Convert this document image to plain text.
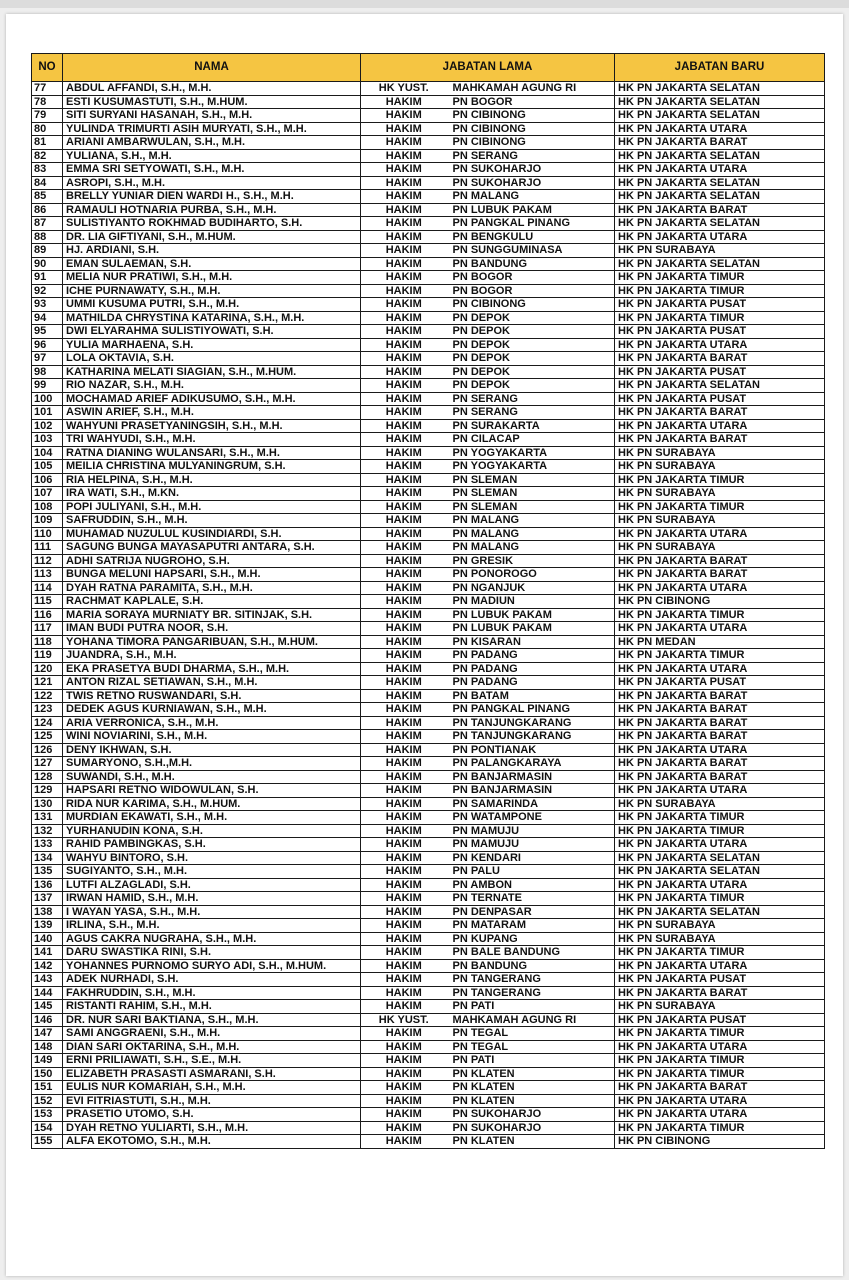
NO	NAMA	JABATAN LAMA		JABATAN BARU
77	ABDUL AFFANDI, S.H., M.H.	HK YUST.	MAHKAMAH AGUNG RI	HK PN JAKARTA SELATAN
78	ESTI KUSUMASTUTI, S.H., M.HUM.	HAKIM	PN BOGOR	HK PN JAKARTA SELATAN
79	SITI SURYANI HASANAH, S.H., M.H.	HAKIM	PN CIBINONG	HK PN JAKARTA SELATAN
80	YULINDA TRIMURTI ASIH MURYATI, S.H., M.H.	HAKIM	PN CIBINONG	HK PN JAKARTA UTARA
81	ARIANI AMBARWULAN, S.H., M.H.	HAKIM	PN CIBINONG	HK PN JAKARTA BARAT
82	YULIANA, S.H., M.H.	HAKIM	PN SERANG	HK PN JAKARTA SELATAN
83	EMMA SRI SETYOWATI, S.H., M.H.	HAKIM	PN SUKOHARJO	HK PN JAKARTA UTARA
84	ASROPI, S.H., M.H.	HAKIM	PN SUKOHARJO	HK PN JAKARTA SELATAN
85	BRELLY YUNIAR DIEN WARDI H., S.H., M.H.	HAKIM	PN MALANG	HK PN JAKARTA SELATAN
86	RAMAULI HOTNARIA PURBA, S.H., M.H.	HAKIM	PN LUBUK PAKAM	HK PN JAKARTA BARAT
87	SULISTIYANTO ROKHMAD BUDIHARTO, S.H.	HAKIM	PN PANGKAL PINANG	HK PN JAKARTA SELATAN
88	DR. LIA GIFTIYANI, S.H., M.HUM.	HAKIM	PN BENGKULU	HK PN JAKARTA UTARA
89	HJ. ARDIANI, S.H.	HAKIM	PN SUNGGUMINASA	HK PN SURABAYA
90	EMAN SULAEMAN, S.H.	HAKIM	PN BANDUNG	HK PN JAKARTA SELATAN
91	MELIA NUR PRATIWI, S.H., M.H.	HAKIM	PN BOGOR	HK PN JAKARTA TIMUR
92	ICHE PURNAWATY, S.H., M.H.	HAKIM	PN BOGOR	HK PN JAKARTA TIMUR
93	UMMI KUSUMA PUTRI, S.H., M.H.	HAKIM	PN CIBINONG	HK PN JAKARTA PUSAT
94	MATHILDA CHRYSTINA KATARINA, S.H., M.H.	HAKIM	PN DEPOK	HK PN JAKARTA TIMUR
95	DWI ELYARAHMA SULISTIYOWATI, S.H.	HAKIM	PN DEPOK	HK PN JAKARTA PUSAT
96	YULIA MARHAENA, S.H.	HAKIM	PN DEPOK	HK PN JAKARTA UTARA
97	LOLA OKTAVIA, S.H.	HAKIM	PN DEPOK	HK PN JAKARTA BARAT
98	KATHARINA MELATI SIAGIAN, S.H., M.HUM.	HAKIM	PN DEPOK	HK PN JAKARTA PUSAT
99	RIO NAZAR, S.H., M.H.	HAKIM	PN DEPOK	HK PN JAKARTA SELATAN
100	MOCHAMAD ARIEF ADIKUSUMO, S.H., M.H.	HAKIM	PN SERANG	HK PN JAKARTA PUSAT
101	ASWIN ARIEF, S.H., M.H.	HAKIM	PN SERANG	HK PN JAKARTA BARAT
102	WAHYUNI PRASETYANINGSIH, S.H., M.H.	HAKIM	PN SURAKARTA	HK PN JAKARTA UTARA
103	TRI WAHYUDI, S.H., M.H.	HAKIM	PN CILACAP	HK PN JAKARTA BARAT
104	RATNA DIANING WULANSARI, S.H., M.H.	HAKIM	PN YOGYAKARTA	HK PN SURABAYA
105	MEILIA CHRISTINA MULYANINGRUM, S.H.	HAKIM	PN YOGYAKARTA	HK PN SURABAYA
106	RIA HELPINA, S.H., M.H.	HAKIM	PN SLEMAN	HK PN JAKARTA TIMUR
107	IRA WATI, S.H., M.KN.	HAKIM	PN SLEMAN	HK PN SURABAYA
108	POPI JULIYANI, S.H., M.H.	HAKIM	PN SLEMAN	HK PN JAKARTA TIMUR
109	SAFRUDDIN, S.H., M.H.	HAKIM	PN MALANG	HK PN SURABAYA
110	MUHAMAD NUZULUL KUSINDIARDI, S.H.	HAKIM	PN MALANG	HK PN JAKARTA UTARA
111	SAGUNG BUNGA MAYASAPUTRI ANTARA, S.H.	HAKIM	PN MALANG	HK PN SURABAYA
112	ADHI SATRIJA NUGROHO, S.H.	HAKIM	PN GRESIK	HK PN JAKARTA BARAT
113	BUNGA MELUNI HAPSARI, S.H., M.H.	HAKIM	PN PONOROGO	HK PN JAKARTA BARAT
114	DYAH RATNA PARAMITA, S.H., M.H.	HAKIM	PN NGANJUK	HK PN JAKARTA UTARA
115	RACHMAT KAPLALE, S.H.	HAKIM	PN MADIUN	HK PN CIBINONG
116	MARIA SORAYA MURNIATY BR. SITINJAK, S.H.	HAKIM	PN LUBUK PAKAM	HK PN JAKARTA TIMUR
117	IMAN BUDI PUTRA NOOR, S.H.	HAKIM	PN LUBUK PAKAM	HK PN JAKARTA UTARA
118	YOHANA TIMORA PANGARIBUAN, S.H., M.HUM.	HAKIM	PN KISARAN	HK PN MEDAN
119	JUANDRA, S.H., M.H.	HAKIM	PN PADANG	HK PN JAKARTA TIMUR
120	EKA PRASETYA BUDI DHARMA, S.H., M.H.	HAKIM	PN PADANG	HK PN JAKARTA UTARA
121	ANTON RIZAL SETIAWAN, S.H., M.H.	HAKIM	PN PADANG	HK PN JAKARTA PUSAT
122	TWIS RETNO RUSWANDARI, S.H.	HAKIM	PN BATAM	HK PN JAKARTA BARAT
123	DEDEK AGUS KURNIAWAN, S.H., M.H.	HAKIM	PN PANGKAL PINANG	HK PN JAKARTA BARAT
124	ARIA VERRONICA, S.H., M.H.	HAKIM	PN TANJUNGKARANG	HK PN JAKARTA BARAT
125	WINI NOVIARINI, S.H., M.H.	HAKIM	PN TANJUNGKARANG	HK PN JAKARTA BARAT
126	DENY IKHWAN, S.H.	HAKIM	PN PONTIANAK	HK PN JAKARTA UTARA
127	SUMARYONO, S.H.,M.H.	HAKIM	PN PALANGKARAYA	HK PN JAKARTA BARAT
128	SUWANDI, S.H., M.H.	HAKIM	PN BANJARMASIN	HK PN JAKARTA BARAT
129	HAPSARI RETNO WIDOWULAN, S.H.	HAKIM	PN BANJARMASIN	HK PN JAKARTA UTARA
130	RIDA NUR KARIMA, S.H., M.HUM.	HAKIM	PN SAMARINDA	HK PN SURABAYA
131	MURDIAN EKAWATI, S.H., M.H.	HAKIM	PN WATAMPONE	HK PN JAKARTA TIMUR
132	YURHANUDIN KONA, S.H.	HAKIM	PN MAMUJU	HK PN JAKARTA TIMUR
133	RAHID PAMBINGKAS, S.H.	HAKIM	PN MAMUJU	HK PN JAKARTA UTARA
134	WAHYU BINTORO, S.H.	HAKIM	PN KENDARI	HK PN JAKARTA SELATAN
135	SUGIYANTO, S.H., M.H.	HAKIM	PN PALU	HK PN JAKARTA SELATAN
136	LUTFI ALZAGLADI, S.H.	HAKIM	PN AMBON	HK PN JAKARTA UTARA
137	IRWAN HAMID, S.H., M.H.	HAKIM	PN TERNATE	HK PN JAKARTA TIMUR
138	I WAYAN YASA, S.H., M.H.	HAKIM	PN DENPASAR	HK PN JAKARTA SELATAN
139	IRLINA, S.H., M.H.	HAKIM	PN MATARAM	HK PN SURABAYA
140	AGUS CAKRA NUGRAHA, S.H., M.H.	HAKIM	PN KUPANG	HK PN SURABAYA
141	DARU SWASTIKA RINI, S.H.	HAKIM	PN BALE BANDUNG	HK PN JAKARTA TIMUR
142	YOHANNES PURNOMO SURYO ADI, S.H., M.HUM.	HAKIM	PN BANDUNG	HK PN JAKARTA UTARA
143	ADEK NURHADI, S.H.	HAKIM	PN TANGERANG	HK PN JAKARTA PUSAT
144	FAKHRUDDIN, S.H., M.H.	HAKIM	PN TANGERANG	HK PN JAKARTA BARAT
145	RISTANTI RAHIM, S.H., M.H.	HAKIM	PN PATI	HK PN SURABAYA
146	DR. NUR SARI BAKTIANA, S.H., M.H.	HK YUST.	MAHKAMAH AGUNG RI	HK PN JAKARTA PUSAT
147	SAMI ANGGRAENI, S.H., M.H.	HAKIM	PN TEGAL	HK PN JAKARTA TIMUR
148	DIAN SARI OKTARINA, S.H., M.H.	HAKIM	PN TEGAL	HK PN JAKARTA UTARA
149	ERNI PRILIAWATI, S.H., S.E., M.H.	HAKIM	PN PATI	HK PN JAKARTA TIMUR
150	ELIZABETH PRASASTI ASMARANI, S.H.	HAKIM	PN KLATEN	HK PN JAKARTA TIMUR
151	EULIS NUR KOMARIAH, S.H., M.H.	HAKIM	PN KLATEN	HK PN JAKARTA BARAT
152	EVI FITRIASTUTI, S.H., M.H.	HAKIM	PN KLATEN	HK PN JAKARTA UTARA
153	PRASETIO UTOMO, S.H.	HAKIM	PN SUKOHARJO	HK PN JAKARTA UTARA
154	DYAH RETNO YULIARTI, S.H., M.H.	HAKIM	PN SUKOHARJO	HK PN JAKARTA TIMUR
155	ALFA EKOTOMO, S.H., M.H.	HAKIM	PN KLATEN	HK PN CIBINONG
